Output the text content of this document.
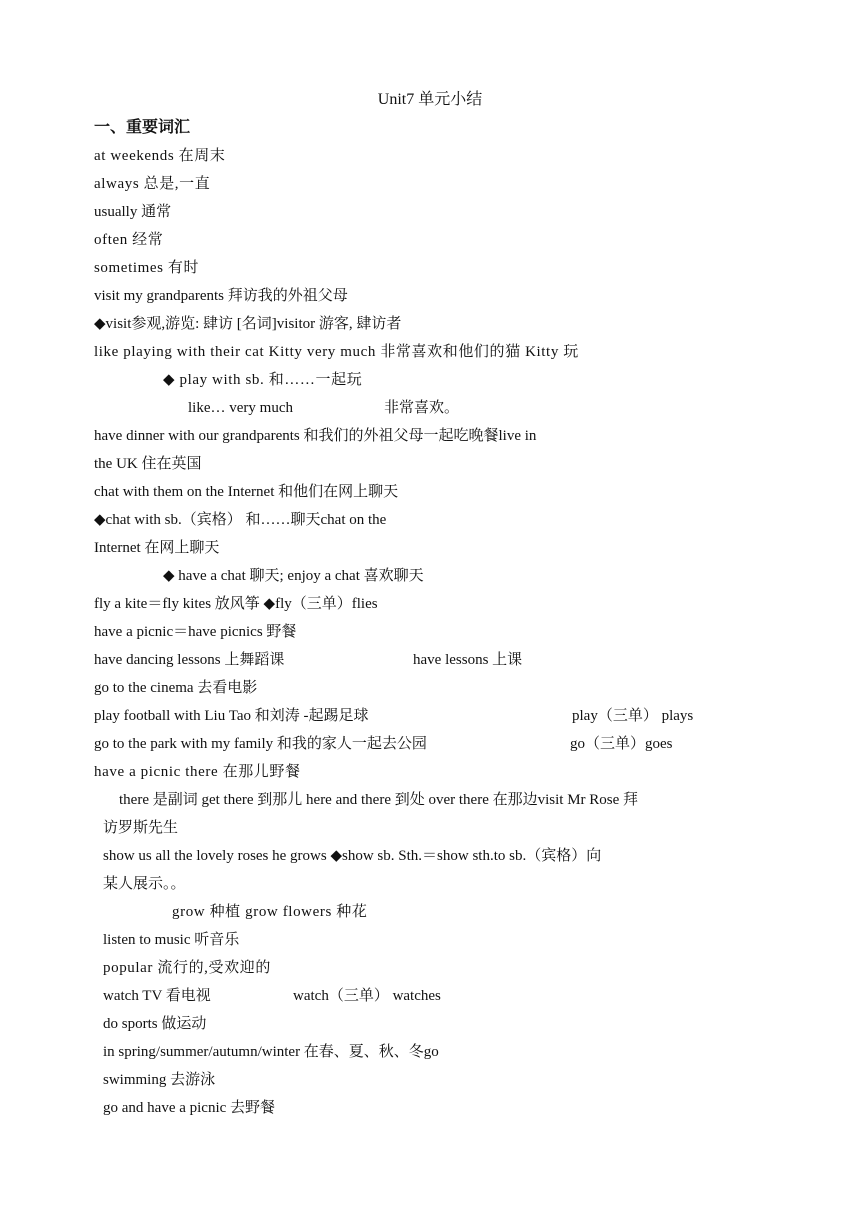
Unit7 单元小结
一、重要词汇
at weekends 在周末
always 总是,一直
usually 通常
often 经常
sometimes 有时
visit my grandparents 拜访我的外祖父母
◆visit参观,游览: 肆访 [名词]visitor 游客, 肆访者
like playing with their cat Kitty very much 非常喜欢和他们的猫 Kitty 玩
◆ play with sb. 和……一起玩
like… very much	非常喜欢。
have dinner with our grandparents 和我们的外祖父母一起吃晚餐live in
the UK 住在英国
chat with them on the Internet 和他们在网上聊天
◆chat with sb.（宾格） 和……聊天chat on the
Internet 在网上聊天
◆ have a chat 聊天; enjoy a chat 喜欢聊天
fly a kite＝fly kites 放风筝 ◆fly（三单）flies
have a picnic＝have picnics 野餐
have dancing lessons 上舞蹈课	have lessons 上课
go to the cinema 去看电影
play football with Liu Tao 和刘涛 -起踢足球	play（三单） plays
go to the park with my family 和我的家人一起去公园	go（三单）goes
have a picnic there 在那儿野餐
there 是副词 get there 到那儿 here and there 到处 over there 在那边visit Mr Rose 拜
访罗斯先生
show us all the lovely roses he grows ◆show sb. Sth.＝show sth.to sb.（宾格）向
某人展示。。
grow 种植 grow flowers 种花
listen to music 听音乐
popular 流行的,受欢迎的
watch TV 看电视	watch（三单） watches
do sports 做运动
in spring/summer/autumn/winter 在春、夏、秋、冬go
swimming 去游泳
go and have a picnic 去野餐
